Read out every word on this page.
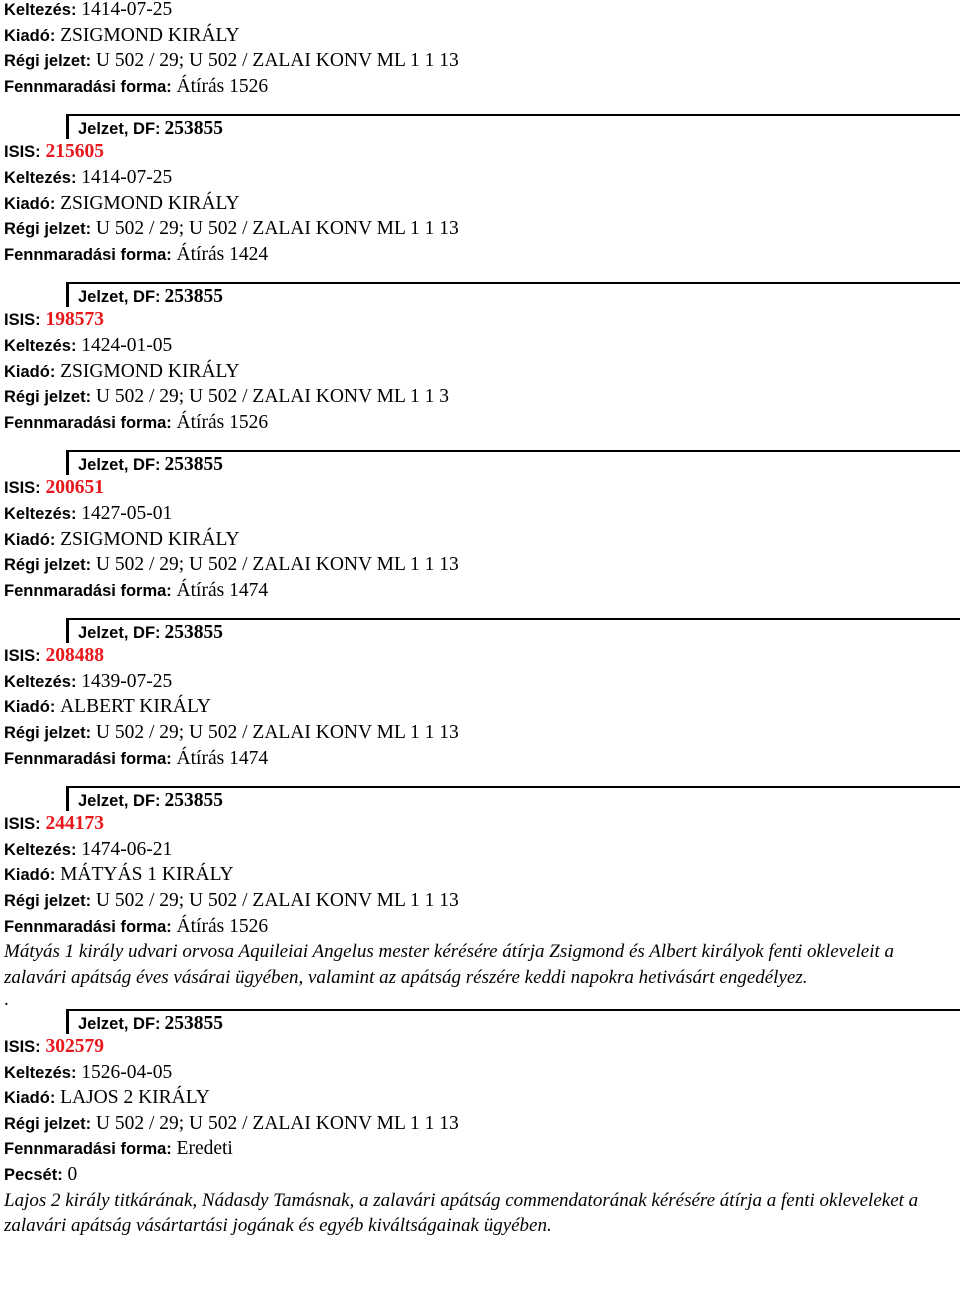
Keltezés: 1414-07-25
Kiadó: ZSIGMOND KIRÁLY
Régi jelzet: U 502 / 29; U 502 / ZALAI KONV ML 1 1 13
Fennmaradási forma: Átírás 1526
Jelzet, DF: 253855
ISIS: 215605
Keltezés: 1414-07-25
Kiadó: ZSIGMOND KIRÁLY
Régi jelzet: U 502 / 29; U 502 / ZALAI KONV ML 1 1 13
Fennmaradási forma: Átírás 1424
Jelzet, DF: 253855
ISIS: 198573
Keltezés: 1424-01-05
Kiadó: ZSIGMOND KIRÁLY
Régi jelzet: U 502 / 29; U 502 / ZALAI KONV ML 1 1 3
Fennmaradási forma: Átírás 1526
Jelzet, DF: 253855
ISIS: 200651
Keltezés: 1427-05-01
Kiadó: ZSIGMOND KIRÁLY
Régi jelzet: U 502 / 29; U 502 / ZALAI KONV ML 1 1 13
Fennmaradási forma: Átírás 1474
Jelzet, DF: 253855
ISIS: 208488
Keltezés: 1439-07-25
Kiadó: ALBERT KIRÁLY
Régi jelzet: U 502 / 29; U 502 / ZALAI KONV ML 1 1 13
Fennmaradási forma: Átírás 1474
Jelzet, DF: 253855
ISIS: 244173
Keltezés: 1474-06-21
Kiadó: MÁTYÁS 1 KIRÁLY
Régi jelzet: U 502 / 29; U 502 / ZALAI KONV ML 1 1 13
Fennmaradási forma: Átírás 1526
Mátyás 1 király udvari orvosa Aquileiai Angelus mester kérésére átírja Zsigmond és Albert királyok fenti okleveleit a zalavári apátság éves vásárai ügyében, valamint az apátság részére keddi napokra hetivásárt engedélyez.
.
Jelzet, DF: 253855
ISIS: 302579
Keltezés: 1526-04-05
Kiadó: LAJOS 2 KIRÁLY
Régi jelzet: U 502 / 29; U 502 / ZALAI KONV ML 1 1 13
Fennmaradási forma: Eredeti
Pecsét: 0
Lajos 2 király titkárának, Nádasdy Tamásnak, a zalavári apátság commendatorának kérésére átírja a fenti okleveleket a zalavári apátság vásártartási jogának és egyéb kiváltságainak ügyében.
